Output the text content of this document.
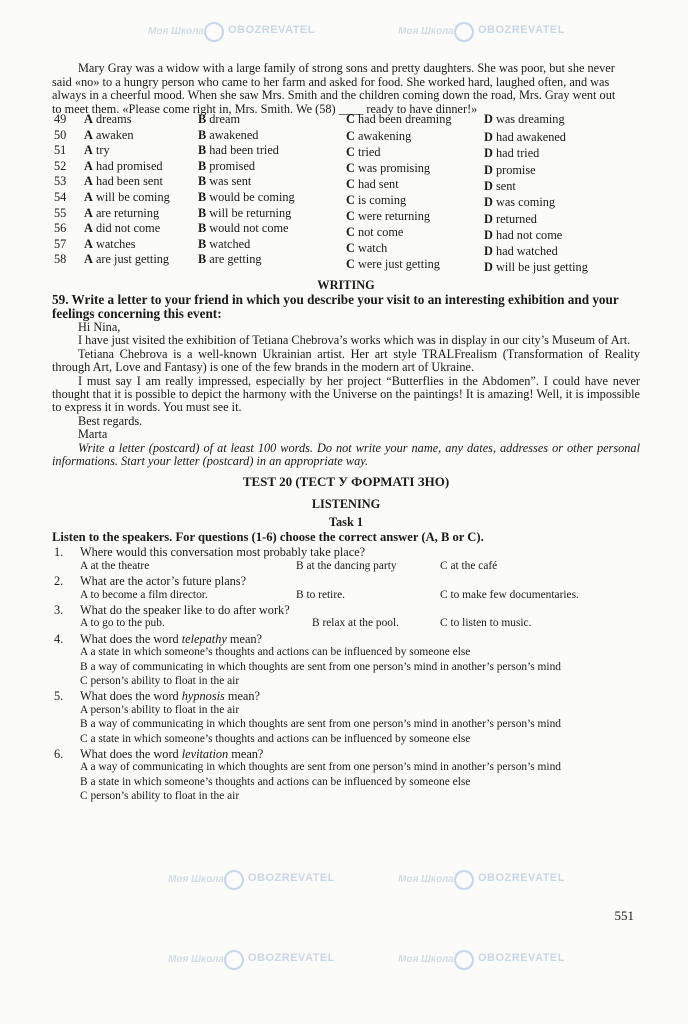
Моя Школа OBOZREVATEL	Моя Школа OBOZREVATEL
Моя Школа OBOZREVATEL	Моя Школа OBOZREVATEL
Моя Школа OBOZREVATEL	Моя Школа OBOZREVATEL

Mary Gray was a widow with a large family of strong sons and pretty daughters. She was poor, but she never

said «no» to a hungry person who came to her farm and asked for food. She worked hard, laughed often, and was

always in a cheerful mood. When she saw Mrs. Smith and the children coming down the road, Mrs. Gray went out

to meet them. «Please come right in, Mrs. Smith. We (58) ____ ready to have dinner!»

49 A dreams	B dream	C had been dreaming	D was dreaming
50 A awaken	B awakened	C awakening	D had awakened
51 A try	B had been tried	C tried	D had tried
52 A had promised	B promised	C was promising	D promise
53 A had been sent	B was sent	C had sent	D sent
54 A will be coming B would be coming	C is coming	D was coming
55 A are returning	B will be returning	C were returning	D returned
56 A did not come	B would not come	C not come	D had not come
57 A watches	B watched	C watch	D had watched
58 A are just getting B are getting	C were just getting	D will be just getting
WRITING

59. Write a letter to your friend in which you describe your visit to an interesting exhibition and your

feelings concerning this event:

Hi Nina,

I have just visited the exhibition of Tetiana Chebrova’s works which was in display in our city’s Museum of Art.

Tetiana Chebrova is a well-known Ukrainian artist. Her art style TRALFrealism (Transformation of Reality through Art, Love and Fantasy) is one of the few brands in the modern art of Ukraine.

I must say I am really impressed, especially by her project “Butterflies in the Abdomen”. I could have never thought that it is possible to depict the harmony with the Universe on the paintings! It is amazing! Well, it is impossible to express it in words. You must see it.

Best regards.

Marta

Write a letter (postcard) of at least 100 words. Do not write your name, any dates, addresses or other personal informations. Start your letter (postcard) in an appropriate way.

TEST 20 (ТЕСТ У ФОРМАТІ ЗНО)
LISTENING
Task 1
Listen to the speakers. For questions (1-6) choose the correct answer (A, B or C).
1. Where would this conversation most probably take place?
A at the theatre	B at the dancing party	C at the café
2. What are the actor’s future plans?
A to become a film director.	B to retire.	C to make few documentaries.
3. What do the speaker like to do after work?
A to go to the pub.	B relax at the pool.	C to listen to music.
4. What does the word telepathy mean?
A a state in which someone’s thoughts and actions can be influenced by someone else
B a way of communicating in which thoughts are sent from one person’s mind in another’s person’s mind
C person’s ability to float in the air
5. What does the word hypnosis mean?
A person’s ability to float in the air
B a way of communicating in which thoughts are sent from one person’s mind in another’s person’s mind
C a state in which someone’s thoughts and actions can be influenced by someone else
6. What does the word levitation mean?
A a way of communicating in which thoughts are sent from one person’s mind in another’s person’s mind
B a state in which someone’s thoughts and actions can be influenced by someone else
C person’s ability to float in the air
551
